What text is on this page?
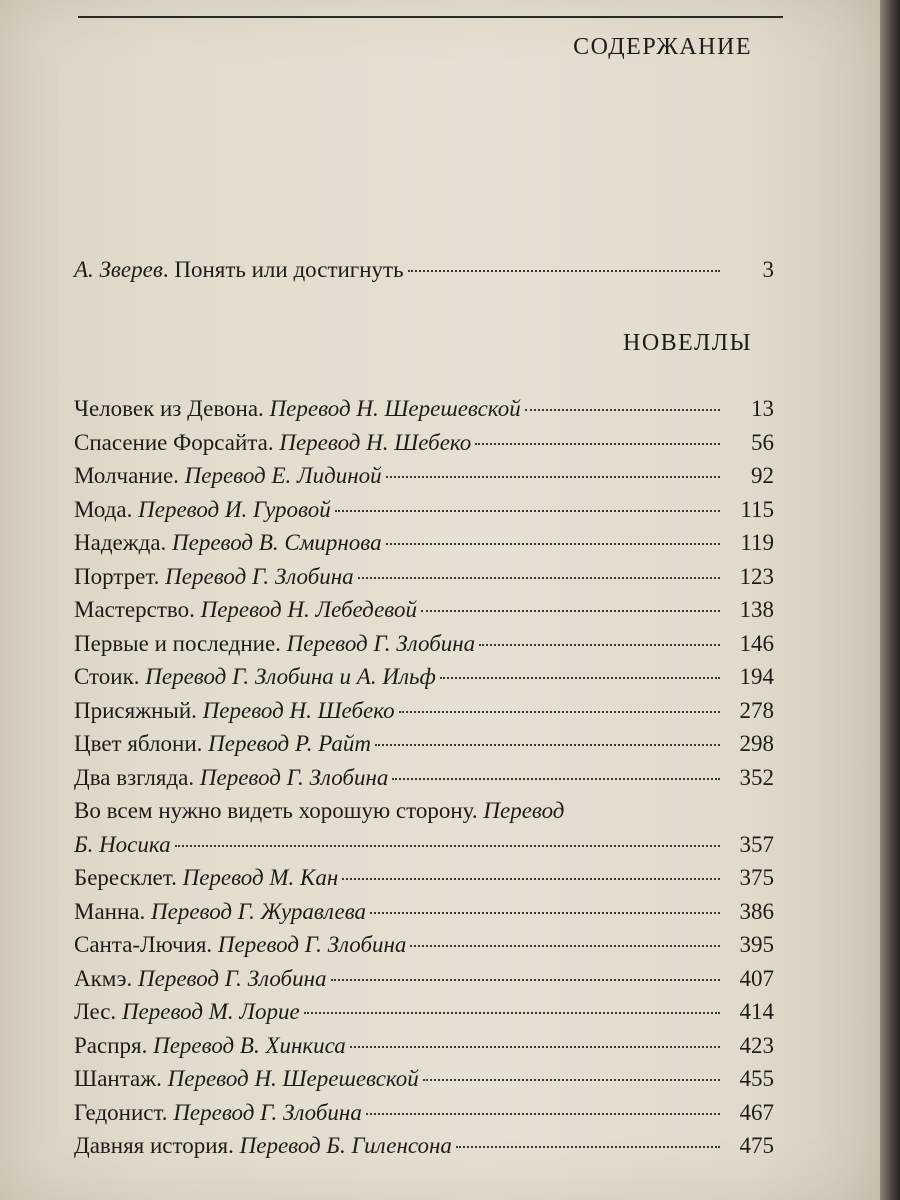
СОДЕРЖАНИЕ
А. Зверев. Понять или достигнуть	3
НОВЕЛЛЫ
Человек из Девона. Перевод Н. Шерешевской	13
Спасение Форсайта. Перевод Н. Шебеко	56
Молчание. Перевод Е. Лидиной	92
Мода. Перевод И. Гуровой	115
Надежда. Перевод В. Смирнова	119
Портрет. Перевод Г. Злобина	123
Мастерство. Перевод Н. Лебедевой	138
Первые и последние. Перевод Г. Злобина	146
Стоик. Перевод Г. Злобина и А. Ильф	194
Присяжный. Перевод Н. Шебеко	278
Цвет яблони. Перевод Р. Райт	298
Два взгляда. Перевод Г. Злобина	352
Во всем нужно видеть хорошую сторону. Перевод
Б. Носика	357
Бересклет. Перевод М. Кан	375
Манна. Перевод Г. Журавлева	386
Санта-Лючия. Перевод Г. Злобина	395
Акмэ. Перевод Г. Злобина	407
Лес. Перевод М. Лорие	414
Распря. Перевод В. Хинкиса	423
Шантаж. Перевод Н. Шерешевской	455
Гедонист. Перевод Г. Злобина	467
Давняя история. Перевод Б. Гиленсона	475
